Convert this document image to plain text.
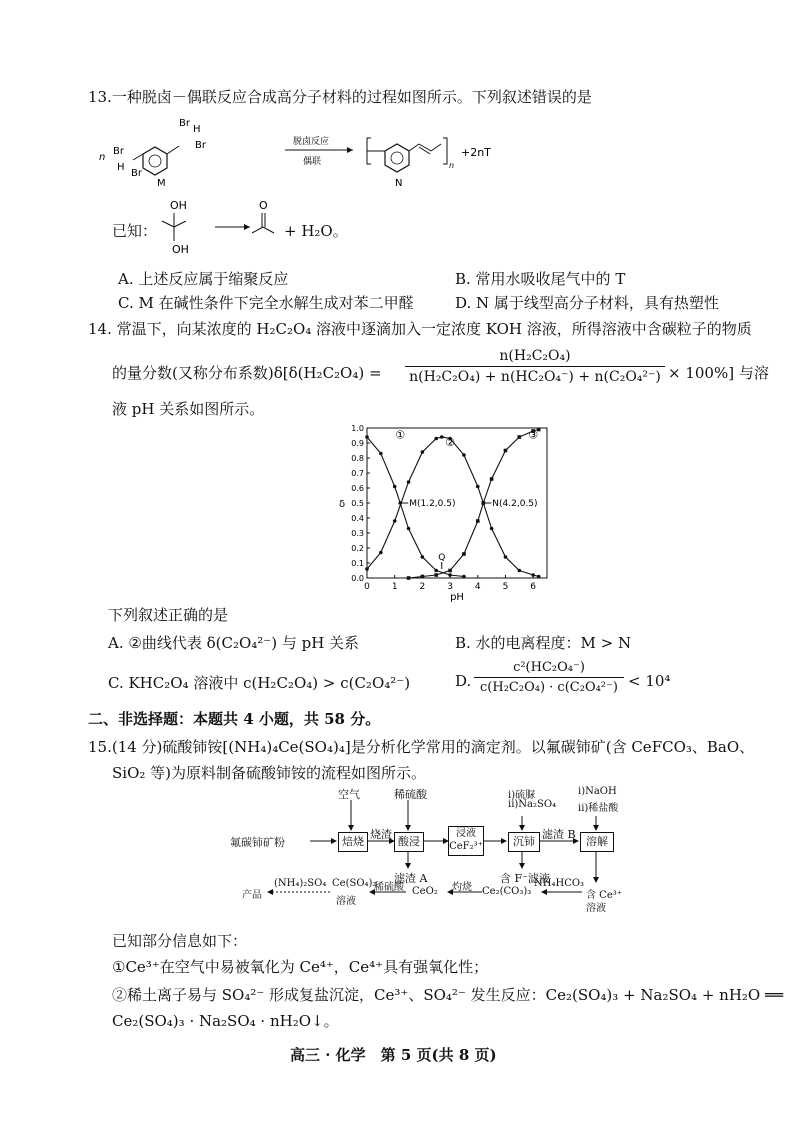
13.一种脱卤－偶联反应合成高分子材料的过程如图所示。下列叙述错误的是
n
Br
H
Br
Br
H
Br
M
脱卤反应
偶联	n
+2nT
N
已知：
OH
OH
O
+ H₂O。
A. 上述反应属于缩聚反应	B. 常用水吸收尾气中的 T
C. M 在碱性条件下完全水解生成对苯二甲醛	D. N 属于线型高分子材料，具有热塑性
14. 常温下，向某浓度的 H₂C₂O₄ 溶液中逐滴加入一定浓度 KOH 溶液，所得溶液中含碳粒子的物质
的量分数(又称分布系数)$\delta[\delta(H_2C_2O_4) = \frac{\text{n(H₂C₂O₄)}}{\text{n(H₂C₂O₄) + n(HC₂O₄⁻) + n(C₂O₄²⁻)}} \times 100\%]$ 与溶
液 pH 关系如图所示。
0 1 2 3 4 5 6
0.0
0.1
0.2
0.3
0.4
0.5
0.6
0.7
0.8
0.9
1.0
pH
δ
①
②
③
M(1.2,0.5)	N(4.2,0.5)
Q
下列叙述正确的是
A. ②曲线代表 δ(C₂O₄²⁻) 与 pH 关系	B. 水的电离程度：M > N
C. KHC₂O₄ 溶液中 c(H₂C₂O₄) > c(C₂O₄²⁻)	D. $\frac{\text{c²(HC₂O₄⁻)}}{\text{c(H₂C₂O₄) · c(C₂O₄²⁻)}} < 10^4$
二、非选择题：本题共 4 小题，共 58 分。
15.(14 分)硫酸铈铵[(NH₄)₄Ce(SO₄)₄]是分析化学常用的滴定剂。以氟碳铈矿(含 CeFCO₃、BaO、
SiO₂ 等)为原料制备硫酸铈铵的流程如图所示。
空气	稀硫酸	i)硫脲
ii)Na₂SO₄
i)NaOH
ii)稀盐酸
氟碳铈矿粉	焙烧
烧渣
酸浸
浸液
CeF₂³⁺	沉铈
滤渣 B
溶解
滤渣 A	含 F⁻滤液
含 Ce³⁺
溶液
NH₄HCO₃
Ce₂(CO₃)₃
灼烧
CeO₂
稀硫酸
Ce(SO₄)₂
溶液
(NH₄)₂SO₄
产品
已知部分信息如下：
①Ce³⁺在空气中易被氧化为 Ce⁴⁺，Ce⁴⁺具有强氧化性；
②稀土离子易与 SO₄²⁻ 形成复盐沉淀，Ce³⁺、SO₄²⁻ 发生反应：Ce₂(SO₄)₃ + Na₂SO₄ + nH₂O ══
Ce₂(SO₄)₃ · Na₂SO₄ · nH₂O↓。
高三 · 化学　第 5 页(共 8 页)
